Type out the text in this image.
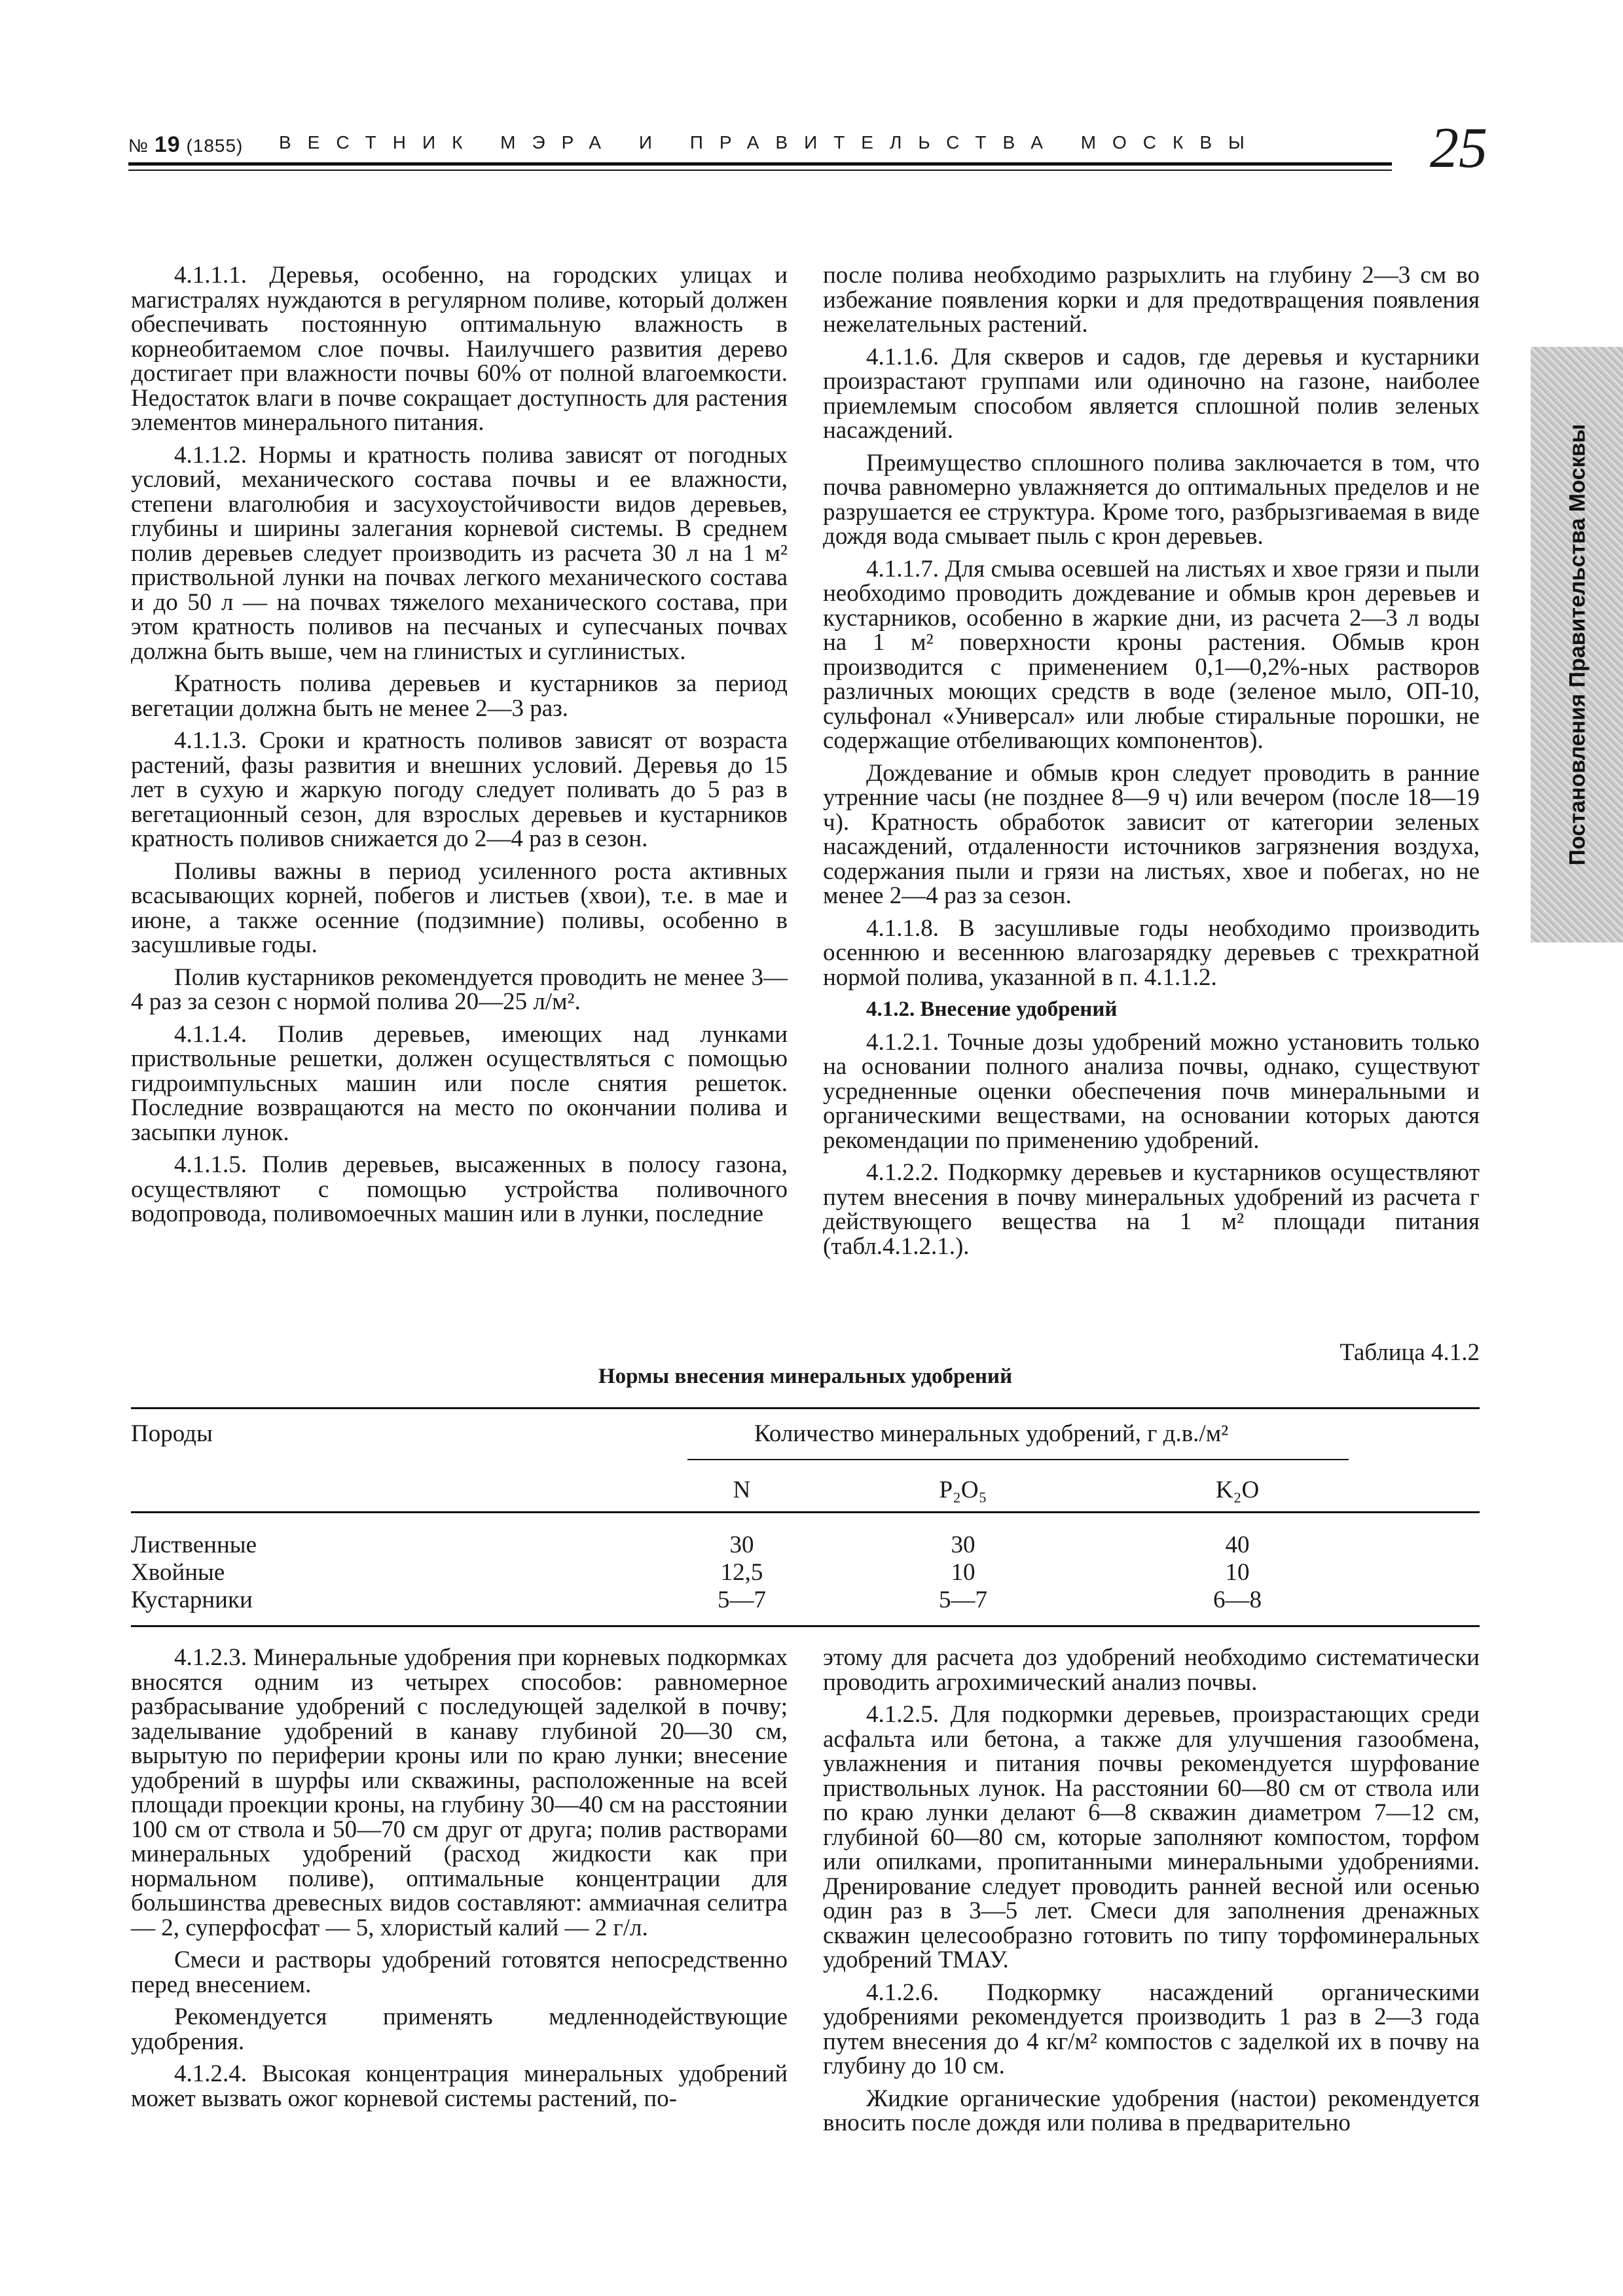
№ 19 (1855) ВЕСТНИК МЭРА И ПРАВИТЕЛЬСТВА МОСКВЫ	25
Постановления Правительства Москвы

4.1.1.1. Деревья, особенно, на городских улицах и магистралях нуждаются в регулярном поливе, который должен обеспечивать постоянную оптимальную влажность в корнеобитаемом слое почвы. Наилучшего развития дерево достигает при влажности почвы 60% от полной влагоемкости. Недостаток влаги в почве сокращает доступность для растения элементов минерального питания.

4.1.1.2. Нормы и кратность полива зависят от погодных условий, механического состава почвы и ее влажности, степени влаголюбия и засухоустойчивости видов деревьев, глубины и ширины залегания корневой системы. В среднем полив деревьев следует производить из расчета 30 л на 1 м² приствольной лунки на почвах легкого механического состава и до 50 л — на почвах тяжелого механического состава, при этом кратность поливов на песчаных и супесчаных почвах должна быть выше, чем на глинистых и суглинистых.

Кратность полива деревьев и кустарников за период вегетации должна быть не менее 2—3 раз.

4.1.1.3. Сроки и кратность поливов зависят от возраста растений, фазы развития и внешних условий. Деревья до 15 лет в сухую и жаркую погоду следует поливать до 5 раз в вегетационный сезон, для взрослых деревьев и кустарников кратность поливов снижается до 2—4 раз в сезон.

Поливы важны в период усиленного роста активных всасывающих корней, побегов и листьев (хвои), т.е. в мае и июне, а также осенние (подзимние) поливы, особенно в засушливые годы.

Полив кустарников рекомендуется проводить не менее 3—4 раз за сезон с нормой полива 20—25 л/м².

4.1.1.4. Полив деревьев, имеющих над лунками приствольные решетки, должен осуществляться с помощью гидроимпульсных машин или после снятия решеток. Последние возвращаются на место по окончании полива и засыпки лунок.

4.1.1.5. Полив деревьев, высаженных в полосу газона, осуществляют с помощью устройства поливочного водопровода, поливомоечных машин или в лунки, последние

после полива необходимо разрыхлить на глубину 2—3 см во избежание появления корки и для предотвращения появления нежелательных растений.

4.1.1.6. Для скверов и садов, где деревья и кустарники произрастают группами или одиночно на газоне, наиболее приемлемым способом является сплошной полив зеленых насаждений.

Преимущество сплошного полива заключается в том, что почва равномерно увлажняется до оптимальных пределов и не разрушается ее структура. Кроме того, разбрызгиваемая в виде дождя вода смывает пыль с крон деревьев.

4.1.1.7. Для смыва осевшей на листьях и хвое грязи и пыли необходимо проводить дождевание и обмыв крон деревьев и кустарников, особенно в жаркие дни, из расчета 2—3 л воды на 1 м² поверхности кроны растения. Обмыв крон производится с применением 0,1—0,2%-ных растворов различных моющих средств в воде (зеленое мыло, ОП-10, сульфонал «Универсал» или любые стиральные порошки, не содержащие отбеливающих компонентов).

Дождевание и обмыв крон следует проводить в ранние утренние часы (не позднее 8—9 ч) или вечером (после 18—19 ч). Кратность обработок зависит от категории зеленых насаждений, отдаленности источников загрязнения воздуха, содержания пыли и грязи на листьях, хвое и побегах, но не менее 2—4 раз за сезон.

4.1.1.8. В засушливые годы необходимо производить осеннюю и весеннюю влагозарядку деревьев с трехкратной нормой полива, указанной в п. 4.1.1.2.

4.1.2. Внесение удобрений

4.1.2.1. Точные дозы удобрений можно установить только на основании полного анализа почвы, однако, существуют усредненные оценки обеспечения почв минеральными и органическими веществами, на основании которых даются рекомендации по применению удобрений.

4.1.2.2. Подкормку деревьев и кустарников осуществляют путем внесения в почву минеральных удобрений из расчета г действующего вещества на 1 м² площади питания (табл.4.1.2.1.).

Таблица 4.1.2
Нормы внесения минеральных удобрений
Породы	Количество минеральных удобрений, г д.в./м²
N	P₂O₅	K₂O
Лиственные	30	30	40
Хвойные	12,5	10	10
Кустарники	5—7	5—7	6—8

4.1.2.3. Минеральные удобрения при корневых подкормках вносятся одним из четырех способов: равномерное разбрасывание удобрений с последующей заделкой в почву; заделывание удобрений в канаву глубиной 20—30 см, вырытую по периферии кроны или по краю лунки; внесение удобрений в шурфы или скважины, расположенные на всей площади проекции кроны, на глубину 30—40 см на расстоянии 100 см от ствола и 50—70 см друг от друга; полив растворами минеральных удобрений (расход жидкости как при нормальном поливе), оптимальные концентрации для большинства древесных видов составляют: аммиачная селитра — 2, суперфосфат — 5, хлористый калий — 2 г/л.

Смеси и растворы удобрений готовятся непосредственно перед внесением.

Рекомендуется применять медленнодействующие удобрения.

4.1.2.4. Высокая концентрация минеральных удобрений может вызвать ожог корневой системы растений, по-

этому для расчета доз удобрений необходимо систематически проводить агрохимический анализ почвы.

4.1.2.5. Для подкормки деревьев, произрастающих среди асфальта или бетона, а также для улучшения газообмена, увлажнения и питания почвы рекомендуется шурфование приствольных лунок. На расстоянии 60—80 см от ствола или по краю лунки делают 6—8 скважин диаметром 7—12 см, глубиной 60—80 см, которые заполняют компостом, торфом или опилками, пропитанными минеральными удобрениями. Дренирование следует проводить ранней весной или осенью один раз в 3—5 лет. Смеси для заполнения дренажных скважин целесообразно готовить по типу торфоминеральных удобрений ТМАУ.

4.1.2.6. Подкормку насаждений органическими удобрениями рекомендуется производить 1 раз в 2—3 года путем внесения до 4 кг/м² компостов с заделкой их в почву на глубину до 10 см.

Жидкие органические удобрения (настои) рекомендуется вносить после дождя или полива в предварительно
